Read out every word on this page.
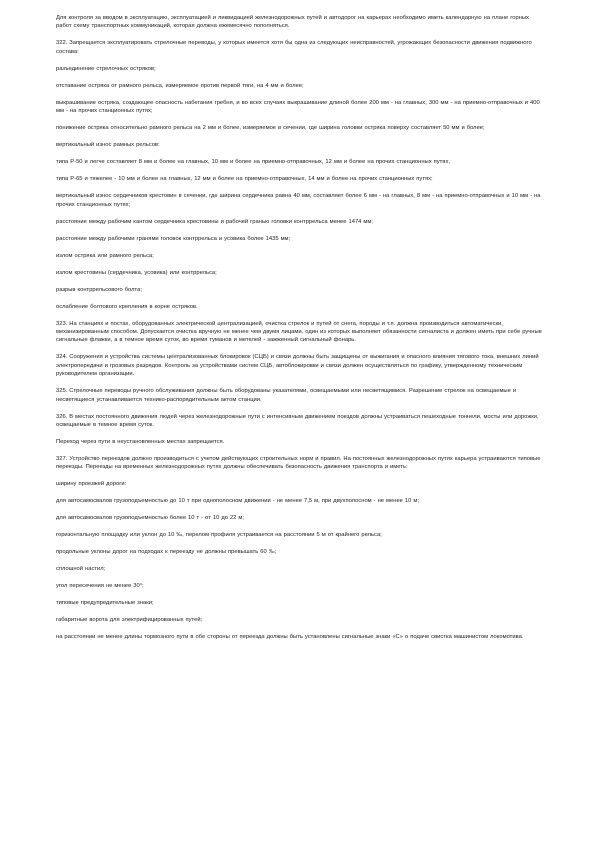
Для контроля за вводом в эксплуатацию, эксплуатацией и ликвидацией железнодорожных путей и автодорог на карьерах необходимо иметь календарную на плане горных работ схему транспортных коммуникаций, которая должна ежемесячно пополняться.

322. Запрещается эксплуатировать стрелочные переводы, у которых имеется хотя бы одна из следующих неисправностей, угрожающих безопасности движения подвижного состава:

разъединение стрелочных остряков;

отставание остряка от рамного рельса, измеряемое против первой тяги, на 4 мм и более;

выкрашивание остряка, создающее опасность набегания гребня, и во всех случаях выкрашивание длиной более 200 мм - на главных, 300 мм - на приемно-отправочных и 400 мм - на прочих станционных путях;

понижение остряка относительно рамного рельса на 2 мм и более, измеряемое в сечении, где ширина головки остряка поверху составляет 50 мм и более;

вертикальный износ рамных рельсов:

типа Р-50 и легче составляет 8 мм и более на главных, 10 мм и более на приемно-отправочных, 12 мм и более на прочих станционных путях,

типа Р-65 и тяжелее - 10 мм и более на главных, 12 мм и более на приемно-отправочных, 14 мм и более на прочих станционных путях;

вертикальный износ сердечников крестовин в сечении, где ширина сердечника равна 40 мм, составляет более 6 мм - на главных, 8 мм - на приемно-отправочных и 10 мм - на прочих станционных путях;

расстояние между рабочим кантом сердечника крестовины и рабочей гранью головки контррельса менее 1474 мм;

расстояние между рабочими гранями головок контррельса и усовика более 1435 мм;

излом остряка или рамного рельса;

излом крестовины (сердечника, усовика) или контррельса;

разрыв контррельсового болта;

ослабление болтового крепления в корне остряков.

323. На станциях и постах, оборудованных электрической централизацией, очистка стрелок и путей от снега, породы и т.п. должна производиться автоматически, механизированным способом. Допускается очистка вручную не менее чем двумя лицами, один из которых выполняет обязанности сигналиста и должен иметь при себе ручные сигнальные флажки, а в темное время суток, во время туманов и метелей - зажженный сигнальный фонарь.

324. Сооружения и устройства системы централизованных блокировок (СЦБ) и связи должны быть защищены от выжигания и опасного влияния тягового тока, внешних линий электропередачи и грозовых разрядов. Контроль за устройствами систем СЦБ, автоблокировки и связи должен осуществляться по графику, утвержденному техническим руководителем организации.

325. Стрелочные переводы ручного обслуживания должны быть оборудованы указателями, освещаемыми или несветящимися. Разрешение стрелок на освещаемые и несветящиеся устанавливается технико-распорядительным актом станции.

326. В местах постоянного движения людей через железнодорожные пути с интенсивным движением поездов должны устраиваться пешеходные тоннели, мосты или дорожки, освещаемые в темное время суток.

Переход через пути в неустановленных местах запрещается.

327. Устройство переездов должно производиться с учетом действующих строительных норм и правил. На постоянных железнодорожных путях карьера устраиваются типовые переезды. Переезды на временных железнодорожных путях должны обеспечивать безопасность движения транспорта и иметь:

ширину проезжей дороги:

для автосамосвалов грузоподъемностью до 10 т при однополосном движении - не менее 7,5 м, при двухполосном - не менее 10 м;

для автосамосвалов грузоподъемностью более 10 т - от 10 до 22 м;

горизонтальную площадку или уклон до 10 ‰, перелом профиля устраивается на расстоянии 5 м от крайнего рельса;

продольные уклоны дорог на подходах к переезду не должны превышать 60 ‰;

сплошной настил;

угол пересечения не менее 30°;

типовые предупредительные знаки;

габаритные ворота для электрифицированных путей;

на расстоянии не менее длины тормозного пути в обе стороны от переезда должны быть установлены сигнальные знаки «С» о подаче свистка машинистом локомотива.
